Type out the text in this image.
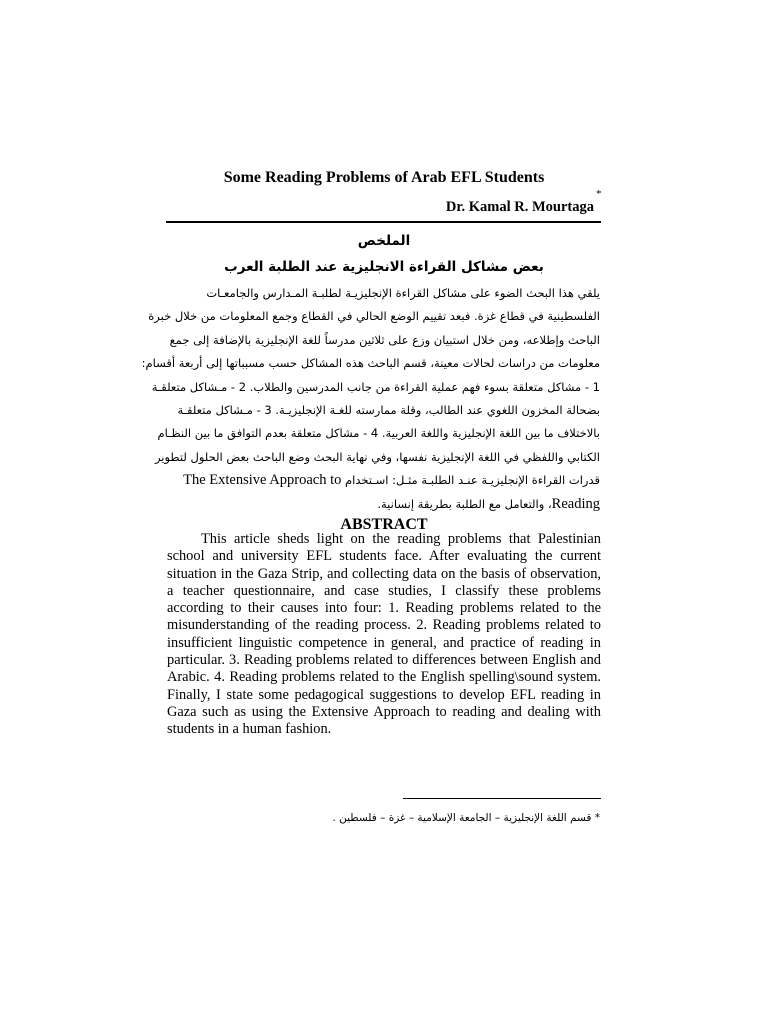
Some Reading Problems of Arab EFL Students
Dr. Kamal R. Mourtaga
*
الملخص
بعض مشاكل القراءة الانجليزية عند الطلبة العرب
يلقي هذا البحث الضوء على مشاكل القراءة الإنجليزيـة لطلبـة المـدارس والجامعـات
الفلسطينية في قطاع غزة. فبعد تقييم الوضع الحالي في القطاع وجمع المعلومات من خلال خبرة
الباحث وإطلاعه، ومن خلال استبيان وزع على ثلاثين مدرساً للغة الإنجليزية بالإضافة إلى جمع
معلومات من دراسات لحالات معينة، قسم الباحث هذه المشاكل حسب مسبباتها إلى أربعة أقسام:
1 - مشاكل متعلقة بسوء فهم عملية القراءة من جانب المدرسين والطلاب. 2 - مـشاكل متعلقـة
بضحالة المخزون اللغوي عند الطالب، وقلة ممارسته للغـة الإنجليزيـة. 3 - مـشاكل متعلقـة
بالاختلاف ما بين اللغة الإنجليزية واللغة العربية. 4 - مشاكل متعلقة بعدم التوافق ما بين النظـام
الكتابي واللفظي في اللغة الإنجليزية نفسها، وفي نهاية البحث وضع الباحث بعض الحلول لتطوير
قدرات القراءة الإنجليزيـة عنـد الطلبـة مثـل: اسـتخدام The Extensive Approach to
Reading، والتعامل مع الطلبة بطريقة إنسانية.
ABSTRACT
This article sheds light on the reading problems that Palestinian school and university EFL students face. After evaluating the current situation in the Gaza Strip, and collecting data on the basis of observation, a teacher questionnaire, and case studies, I classify these problems according to their causes into four: 1. Reading problems related to the misunderstanding of the reading process. 2. Reading problems related to insufficient linguistic competence in general, and practice of reading in particular. 3. Reading problems related to differences between English and Arabic. 4. Reading problems related to the English spelling\sound system. Finally, I state some pedagogical suggestions to develop EFL reading in Gaza such as using the Extensive Approach to reading and dealing with students in a human fashion.
* قسم اللغة الإنجليزية – الجامعة الإسلامية – غزة – فلسطين .
